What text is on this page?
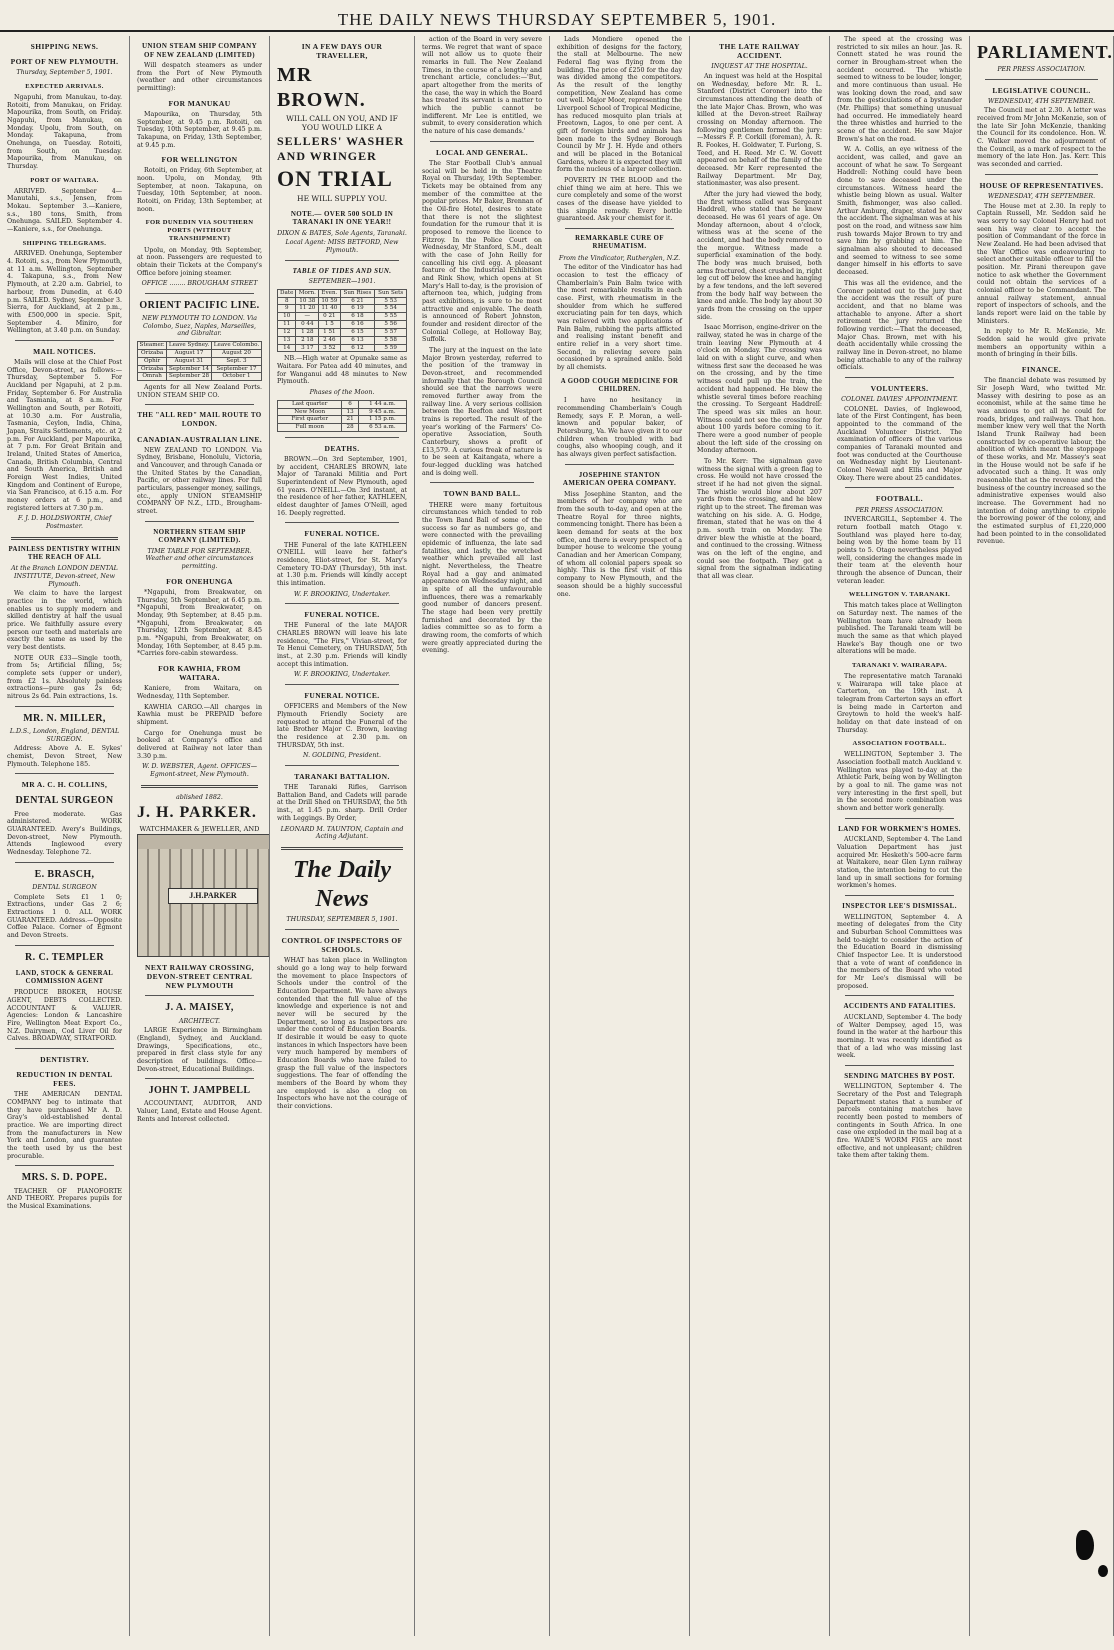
THE DAILY NEWS THURSDAY SEPTEMBER 5, 1901.
SHIPPING NEWS.
PORT OF NEW PLYMOUTH.
Thursday, September 5, 1901.
EXPECTED ARRIVALS.

Ngapuhi, from Manukau, to-day. Rotoiti, from Manukau, on Friday. Mapourika, from South, on Friday. Ngapuhi, from Manukau, on Monday. Upolu, from South, on Monday. Takapuna, from Onehunga, on Tuesday. Rotoiti, from South, on Tuesday. Mapourika, from Manukau, on Thursday.

PORT OF WAITARA.

ARRIVED. September 4—Manutahi, s.s., Jensen, from Mokau. September 3.—Kaniere, s.s., 180 tons, Smith, from Onehunga. SAILED. September 4.—Kaniere, s.s., for Onehunga.

SHIPPING TELEGRAMS.

ARRIVED. Onehunga, September 4. Rotoiti, s.s., from New Plymouth, at 11 a.m. Wellington, September 4. Takapuna, s.s., from New Plymouth, at 2.20 a.m. Gabriel, to harbour, from Dunedin, at 6.40 p.m. SAILED. Sydney, September 3. Sierra, for Auckland, at 2 p.m., with £500,000 in specie. Spit, September 4. Miniro, for Wellington, at 3.40 p.m. on Sunday.

MAIL NOTICES.

Mails will close at the Chief Post Office, Devon-street, as follows:— Thursday, September 5. For Auckland per Ngapuhi, at 2 p.m. Friday, September 6. For Australia and Tasmania, at 8 a.m. For Wellington and South, per Rotoiti, at 10.30 a.m. For Australia, Tasmania, Ceylon, India, China, Japan, Straits Settlements, etc. at 2 p.m. For Auckland, per Mapourika, at 7 p.m. For Great Britain and Ireland, United States of America, Canada, British Columbia, Central and South America, British and Foreign West Indies, United Kingdom and Continent of Europe, via San Francisco, at 6.15 a.m. For money orders at 6 p.m., and registered letters at 7.30 p.m.

F. J. D. HOLDSWORTH, Chief Postmaster.
PAINLESS DENTISTRY WITHIN THE REACH OF ALL
At the Branch LONDON DENTAL INSTITUTE, Devon-street, New Plymouth.

We claim to have the largest practice in the world, which enables us to supply modern and skilled dentistry at half the usual price. We faithfully assure every person our teeth and materials are exactly the same as used by the very best dentists.

NOTE OUR £33—Single tooth, from 5s; Artificial filling, 5s; complete sets (upper or under), from £2 1s. Absolutely painless extractions—pure gas 2s 6d; nitrous 2s 6d. Pain extractions, 1s.

MR. N. MILLER,
L.D.S., London, England, DENTAL SURGEON.

Address: Above A. E. Sykes' chemist, Devon Street, New Plymouth. Telephone 185.

MR A. C. H. COLLINS,
DENTAL SURGEON

Free moderate. Gas administered. WORK GUARANTEED. Avery's Buildings, Devon-street, New Plymouth. Attends Inglewood every Wednesday. Telephone 72.

E. BRASCH,
DENTAL SURGEON

Complete Sets £1 1 0; Extractions, under Gas 2 6; Extractions 1 0. ALL WORK GUARANTEED. Address.—Opposite Coffee Palace. Corner of Egmont and Devon Streets.

R. C. TEMPLER
LAND, STOCK & GENERAL COMMISSION AGENT

PRODUCE BROKER, HOUSE AGENT, DEBTS COLLECTED. ACCOUNTANT & VALUER. Agencies: London & Lancashire Fire, Wellington Meat Export Co., N.Z. Dairymen, Cod Liver Oil for Calves. BROADWAY, STRATFORD.

DENTISTRY.
REDUCTION IN DENTAL FEES.

THE AMERICAN DENTAL COMPANY beg to intimate that they have purchased Mr A. D. Gray's old-established dental practice. We are importing direct from the manufacturers in New York and London, and guarantee the teeth used by us the best procurable.

MRS. S. D. POPE.

TEACHER OF PIANOFORTE AND THEORY. Prepares pupils for the Musical Examinations.

UNION STEAM SHIP COMPANY OF NEW ZEALAND (LIMITED)

Will despatch steamers as under from the Port of New Plymouth (weather and other circumstances permitting):

FOR MANUKAU

Mapourika, on Thursday, 5th September, at 9.45 p.m. Rotoiti, on Tuesday, 10th September, at 9.45 p.m. Takapuna, on Friday, 13th September, at 9.45 p.m.

FOR WELLINGTON

Rotoiti, on Friday, 6th September, at noon. Upolu, on Monday, 9th September, at noon. Takapuna, on Tuesday, 10th September, at noon. Rotoiti, on Friday, 13th September, at noon.

FOR DUNEDIN VIA SOUTHERN PORTS (WITHOUT TRANSHIPMENT)

Upolu, on Monday, 9th September, at noon. Passengers are requested to obtain their Tickets at the Company's Office before joining steamer.

OFFICE ........ BROUGHAM STREET
ORIENT PACIFIC LINE.
NEW PLYMOUTH TO LONDON. Via Colombo, Suez, Naples, Marseilles, and Gibraltar.
Steamer.	Leave Sydney.	Leave Colombo.
Orizaba	August 17	August 20
Ophir	August 31	Sept. 3
Orizaba	September 14	September 17
Omrah	September 28	October 1

Agents for all New Zealand Ports. UNION STEAM SHIP CO.

THE "ALL RED" MAIL ROUTE TO LONDON.
CANADIAN-AUSTRALIAN LINE.

NEW ZEALAND TO LONDON. Via Sydney, Brisbane, Honolulu, Victoria, and Vancouver, and through Canada or the United States by the Canadian, Pacific, or other railway lines. For full particulars, passenger money, sailings, etc., apply UNION STEAMSHIP COMPANY OF N.Z., LTD., Brougham-street.

NORTHERN STEAM SHIP COMPANY (LIMITED).
TIME TABLE FOR SEPTEMBER. Weather and other circumstances permitting.
FOR ONEHUNGA

*Ngapuhi, from Breakwater, on Thursday, 5th September, at 6.45 p.m. *Ngapuhi, from Breakwater, on Monday, 9th September, at 8.45 p.m. *Ngapuhi, from Breakwater, on Thursday, 12th September, at 8.45 p.m. *Ngapuhi, from Breakwater, on Monday, 16th September, at 8.45 p.m. *Carries fore-cabin stewardess.

FOR KAWHIA, FROM WAITARA.

Kaniere, from Waitara, on Wednesday, 11th September.

KAWHIA CARGO.—All charges in Kawhia must be PREPAID before shipment.

Cargo for Onehunga must be booked at Company's office and delivered at Railway not later than 3.30 p.m.

W. D. WEBSTER, Agent. OFFICES—Egmont-street, New Plymouth.
ablished 1882.
J. H. PARKER.
WATCHMAKER & JEWELLER, AND
J.H.PARKER
NEXT RAILWAY CROSSING, DEVON-STREET CENTRAL NEW PLYMOUTH
J. A. MAISEY,
ARCHITECT.

LARGE Experience in Birmingham (England), Sydney, and Auckland. Drawings, Specifications, etc., prepared in first class style for any description of buildings. Office—Devon-street, Educational Buildings.

JOHN T. JAMPBELL

ACCOUNTANT, AUDITOR, AND Valuer, Land, Estate and House Agent. Rents and Interest collected.

IN A FEW DAYS OUR TRAVELLER,
MR BROWN.
WILL CALL ON YOU, AND IF YOU WOULD LIKE A
SELLERS' WASHER AND WRINGER
ON TRIAL
HE WILL SUPPLY YOU.
NOTE.— OVER 500 SOLD IN TARANAKI IN ONE YEAR!!
DIXON & BATES, Sole Agents, Taranaki.
Local Agent: MISS BETFORD, New Plymouth.
TABLE OF TIDES AND SUN.
SEPTEMBER—1901.
Date	Morn.	Even.	Sun Rises	Sun Sets
8	10 38	10 59	6 21	5 53
9	11 20	11 40	6 19	5 54
10	—	0 21	6 18	5 55
11	0 44	1 5	6 16	5 56
12	1 28	1 51	6 15	5 57
13	2 18	2 46	6 13	5 58
14	3 17	3 52	6 12	5 59

NB.—High water at Opunake same as Waitara. For Patea add 40 minutes, and for Wanganui add 48 minutes to New Plymouth.

Phases of the Moon.
Last quarter	6	1 44 a.m.
New Moon	13	9 45 a.m.
First quarter	21	1 15 p.m.
Full moon	28	6 53 a.m.
DEATHS.

BROWN.—On 3rd September, 1901, by accident, CHARLES BROWN, late Major of Taranaki Militia and Port Superintendent of New Plymouth, aged 61 years. O'NEILL.—On 3rd instant, at the residence of her father, KATHLEEN, eldest daughter of James O'Neill, aged 16. Deeply regretted.

FUNERAL NOTICE.

THE Funeral of the late KATHLEEN O'NEILL will leave her father's residence, Eliot-street, for St. Mary's Cemetery TO-DAY (Thursday), 5th inst. at 1.30 p.m. Friends will kindly accept this intimation.

W. F. BROOKING, Undertaker.
FUNERAL NOTICE.

THE Funeral of the late MAJOR CHARLES BROWN will leave his late residence, "The Firs," Vivian-street, for Te Henui Cemetery, on THURSDAY, 5th inst., at 2.30 p.m. Friends will kindly accept this intimation.

W. F. BROOKING, Undertaker.
FUNERAL NOTICE.

OFFICERS and Members of the New Plymouth Friendly Society are requested to attend the Funeral of the late Brother Major C. Brown, leaving the residence at 2.30 p.m. on THURSDAY, 5th inst.

N. GOLDING, President.
TARANAKI BATTALION.

THE Taranaki Rifles, Garrison Battalion Band, and Cadets will parade at the Drill Shed on THURSDAY, the 5th inst., at 1.45 p.m. sharp. Drill Order with Leggings. By Order,

LEONARD M. TAUNTON, Captain and Acting Adjutant.
The Daily News
THURSDAY, SEPTEMBER 5, 1901.
CONTROL OF INSPECTORS OF SCHOOLS.

WHAT has taken place in Wellington should go a long way to help forward the movement to place Inspectors of Schools under the control of the Education Department. We have always contended that the full value of the knowledge and experience is not and never will be secured by the Department, so long as Inspectors are under the control of Education Boards. If desirable it would be easy to quote instances in which Inspectors have been very much hampered by members of Education Boards who have failed to grasp the full value of the inspectors suggestions. The fear of offending the members of the Board by whom they are employed is also a clog on Inspectors who have not the courage of their convictions.

action of the Board in very severe terms. We regret that want of space will not allow us to quote their remarks in full. The New Zealand Times, in the course of a lengthy and trenchant article, concludes:—'But, apart altogether from the merits of the case, the way in which the Board has treated its servant is a matter to which the public cannot be indifferent. Mr Lee is entitled, we submit, to every consideration which the nature of his case demands.'

LOCAL AND GENERAL.

The Star Football Club's annual social will be held in the Theatre Royal on Thursday, 19th September. Tickets may be obtained from any member of the committee at the popular prices. Mr Baker, Brennan of the Oil-fire Hotel, desires to state that there is not the slightest foundation for the rumour that it is proposed to remove the licence to Fitzroy. In the Police Court on Wednesday, Mr Stanford, S.M., dealt with the case of John Reilly for cancelling his civil egg. A pleasant feature of the Industrial Exhibition and Rink Show, which opens at St Mary's Hall to-day, is the provision of afternoon tea, which, judging from past exhibitions, is sure to be most attractive and enjoyable. The death is announced of Robert Johnston, founder and resident director of the Colonial College, at Holloway Bay, Suffolk.

The jury at the inquest on the late Major Brown yesterday, referred to the position of the tramway in Devon-street, and recommended informally that the Borough Council should see that the narrows were removed further away from the railway line. A very serious collision between the Reefton and Westport trains is reported. The result of the year's working of the Farmers' Co-operative Association, South Canterbury, shows a profit of £13,579. A curious freak of nature is to be seen at Kaitangata, where a four-legged duckling was hatched and is doing well.

TOWN BAND BALL.

THERE were many fortuitous circumstances which tended to rob the Town Band Ball of some of the success so far as numbers go, and were connected with the prevailing epidemic of influenza, the late sad fatalities, and lastly, the wretched weather which prevailed all last night. Nevertheless, the Theatre Royal had a gay and animated appearance on Wednesday night, and in spite of all the unfavourable influences, there was a remarkably good number of dancers present. The stage had been very prettily furnished and decorated by the ladies committee so as to form a drawing room, the comforts of which were greatly appreciated during the evening.

Lads Mondiere opened the exhibition of designs for the factory, the stall at Melbourne. The new Federal flag was flying from the building. The price of £250 for the day was divided among the competitors. As the result of the lengthy competition, New Zealand has come out well. Major Moor, representing the Liverpool School of Tropical Medicine, has reduced mosquito plan trials at Freetown, Lagos, to one per cent. A gift of foreign birds and animals has been made to the Sydney Borough Council by Mr J. H. Hyde and others and will be placed in the Botanical Gardens, where it is expected they will form the nucleus of a larger collection.

POVERTY IN THE BLOOD and the chief thing we aim at here. This we cure completely and some of the worst cases of the disease have yielded to this simple remedy. Every bottle guaranteed. Ask your chemist for it.

REMARKABLE CURE OF RHEUMATISM.
From the Vindicator, Rutherglen, N.Z.

The editor of the Vindicator has had occasion to test the efficacy of Chamberlain's Pain Balm twice with the most remarkable results in each case. First, with rheumatism in the shoulder from which he suffered excruciating pain for ten days, which was relieved with two applications of Pain Balm, rubbing the parts afflicted and realising instant benefit and entire relief in a very short time. Second, in relieving severe pain occasioned by a sprained ankle. Sold by all chemists.

A GOOD COUGH MEDICINE FOR CHILDREN.

I have no hesitancy in recommending Chamberlain's Cough Remedy, says F. P. Moran, a well-known and popular baker, of Petersburg, Va. We have given it to our children when troubled with bad coughs, also whooping cough, and it has always given perfect satisfaction.

JOSEPHINE STANTON AMERICAN OPERA COMPANY.

Miss Josephine Stanton, and the members of her company who are from the south to-day, and open at the Theatre Royal for three nights, commencing tonight. There has been a keen demand for seats at the box office, and there is every prospect of a bumper house to welcome the young Canadian and her American Company, of whom all colonial papers speak so highly. This is the first visit of this company to New Plymouth, and the season should be a highly successful one.

THE LATE RAILWAY ACCIDENT.
INQUEST AT THE HOSPITAL.

An inquest was held at the Hospital on Wednesday, before Mr. R. L. Stanford (District Coroner) into the circumstances attending the death of the late Major Chas. Brown, who was killed at the Devon-street Railway crossing on Monday afternoon. The following gentlemen formed the jury:—Messrs F. P. Corkill (foreman), A. R. R. Fookes, H. Goldwater, T. Furlong, S. Teed, and H. Reed. Mr C. W. Govett appeared on behalf of the family of the deceased. Mr Kerr represented the Railway Department. Mr Day, stationmaster, was also present.

After the jury had viewed the body, the first witness called was Sergeant Haddrell, who stated that he knew deceased. He was 61 years of age. On Monday afternoon, about 4 o'clock, witness was at the scene of the accident, and had the body removed to the morgue. Witness made a superficial examination of the body. The body was much bruised, both arms fractured, chest crushed in, right leg cut off below the knee and hanging by a few tendons, and the left severed from the body half way between the knee and ankle. The body lay about 30 yards from the crossing on the upper side.

Isaac Morrison, engine-driver on the railway, stated he was in charge of the train leaving New Plymouth at 4 o'clock on Monday. The crossing was laid on with a slight curve, and when witness first saw the deceased he was on the crossing, and by the time witness could pull up the train, the accident had happened. He blew the whistle several times before reaching the crossing. To Sergeant Haddrell: The speed was six miles an hour. Witness could not see the crossing for about 100 yards before coming to it. There were a good number of people about the left side of the crossing on Monday afternoon.

To Mr. Kerr: The signalman gave witness the signal with a green flag to cross. He would not have crossed the street if he had not given the signal. The whistle would blow about 207 yards from the crossing, and he blew right up to the street. The fireman was watching on his side. A. G. Hodge, fireman, stated that he was on the 4 p.m. south train on Monday. The driver blew the whistle at the board, and continued to the crossing. Witness was on the left of the engine, and could see the footpath. They got a signal from the signalman indicating that all was clear.

The speed at the crossing was restricted to six miles an hour. Jas. R. Connett stated he was round the corner in Brougham-street when the accident occurred. The whistle seemed to witness to be louder, longer, and more continuous than usual. He was looking down the road, and saw from the gesticulations of a bystander (Mr. Phillips) that something unusual had occurred. He immediately heard the three whistles and hurried to the scene of the accident. He saw Major Brown's hat on the road.

W. A. Collis, an eye witness of the accident, was called, and gave an account of what he saw. To Sergeant Haddrell: Nothing could have been done to save deceased under the circumstances. Witness heard the whistle being blown as usual. Walter Smith, fishmonger, was also called. Arthur Amburg, draper, stated he saw the accident. The signalman was at his post on the road, and witness saw him rush towards Major Brown to try and save him by grabbing at him. The signalman also shouted to deceased and seemed to witness to see some danger himself in his efforts to save deceased.

This was all the evidence, and the Coroner pointed out to the jury that the accident was the result of pure accident, and that no blame was attachable to anyone. After a short retirement the jury returned the following verdict:—That the deceased, Major Chas. Brown, met with his death accidentally while crossing the railway line in Devon-street, no blame being attachable to any of the railway officials.

VOLUNTEERS.
COLONEL DAVIES' APPOINTMENT.

COLONEL Davies, of Inglewood, late of the First Contingent, has been appointed to the command of the Auckland Volunteer District. The examination of officers of the various companies of Taranaki mounted and foot was conducted at the Courthouse on Wednesday night by Lieutenant-Colonel Newall and Ellis and Major Okey. There were about 25 candidates.

FOOTBALL.
PER PRESS ASSOCIATION.

INVERCARGILL, September 4. The return football match Otago v. Southland was played here to-day, being won by the home team by 11 points to 5. Otago nevertheless played well, considering the changes made in their team at the eleventh hour through the absence of Duncan, their veteran leader.

WELLINGTON V. TARANAKI.

This match takes place at Wellington on Saturday next. The names of the Wellington team have already been published. The Taranaki team will be much the same as that which played Hawke's Bay though one or two alterations will be made.

TARANAKI V. WAIRARAPA.

The representative match Taranaki v. Wairarapa will take place at Carterton, on the 19th inst. A telegram from Carterton says an effort is being made in Carterton and Greytown to hold the week's half-holiday on that date instead of on Thursday.

ASSOCIATION FOOTBALL.

WELLINGTON, September 3. The Association football match Auckland v. Wellington was played to-day at the Athletic Park, being won by Wellington by a goal to nil. The game was not very interesting in the first spell, but in the second more combination was shown and better work generally.

LAND FOR WORKMEN'S HOMES.

AUCKLAND, September 4. The Land Valuation Department has just acquired Mr. Hesketh's 500-acre farm at Waitakere, near Glen Lynn railway station, the intention being to cut the land up in small sections for forming workmen's homes.

INSPECTOR LEE'S DISMISSAL.

WELLINGTON, September 4. A meeting of delegates from the City and Suburban School Committees was held to-night to consider the action of the Education Board in dismissing Chief Inspector Lee. It is understood that a vote of want of confidence in the members of the Board who voted for Mr Lee's dismissal will be proposed.

ACCIDENTS AND FATALITIES.

AUCKLAND, September 4. The body of Walter Dempsey, aged 15, was found in the water at the harbour this morning. It was recently identified as that of a lad who was missing last week.

SENDING MATCHES BY POST.

WELLINGTON, September 4. The Secretary of the Post and Telegraph Department states that a number of parcels containing matches have recently been posted to members of contingents in South Africa. In one case one exploded in the mail bag at a fire. WADE'S WORM FIGS are most effective, and not unpleasant; children take them after taking them.

PARLIAMENT.
PER PRESS ASSOCIATION.
LEGISLATIVE COUNCIL.
WEDNESDAY, 4TH SEPTEMBER.

The Council met at 2.30. A letter was received from Mr John McKenzie, son of the late Sir John McKenzie, thanking the Council for its condolence. Hon. W. C. Walker moved the adjournment of the Council, as a mark of respect to the memory of the late Hon. Jas. Kerr. This was seconded and carried.

HOUSE OF REPRESENTATIVES.
WEDNESDAY, 4TH SEPTEMBER.

The House met at 2.30. In reply to Captain Russell, Mr. Seddon said he was sorry to say Colonel Henry had not seen his way clear to accept the position of Commandant of the force in New Zealand. He had been advised that the War Office was endeavouring to select another suitable officer to fill the position. Mr. Pirani thereupon gave notice to ask whether the Government could not obtain the services of a colonial officer to be Commandant. The annual railway statement, annual report of inspectors of schools, and the lands report were laid on the table by Ministers.

In reply to Mr R. McKenzie, Mr. Seddon said he would give private members an opportunity within a month of bringing in their bills.

FINANCE.

The financial debate was resumed by Sir Joseph Ward, who twitted Mr. Massey with desiring to pose as an economist, while at the same time he was anxious to get all he could for roads, bridges, and railways. That hon. member knew very well that the North Island Trunk Railway had been constructed by co-operative labour, the abolition of which meant the stoppage of these works, and Mr. Massey's seat in the House would not be safe if he advocated such a thing. It was only reasonable that as the revenue and the business of the country increased so the administrative expenses would also increase. The Government had no intention of doing anything to cripple the borrowing power of the colony, and the estimated surplus of £1,220,000 had been pointed to in the consolidated revenue.
